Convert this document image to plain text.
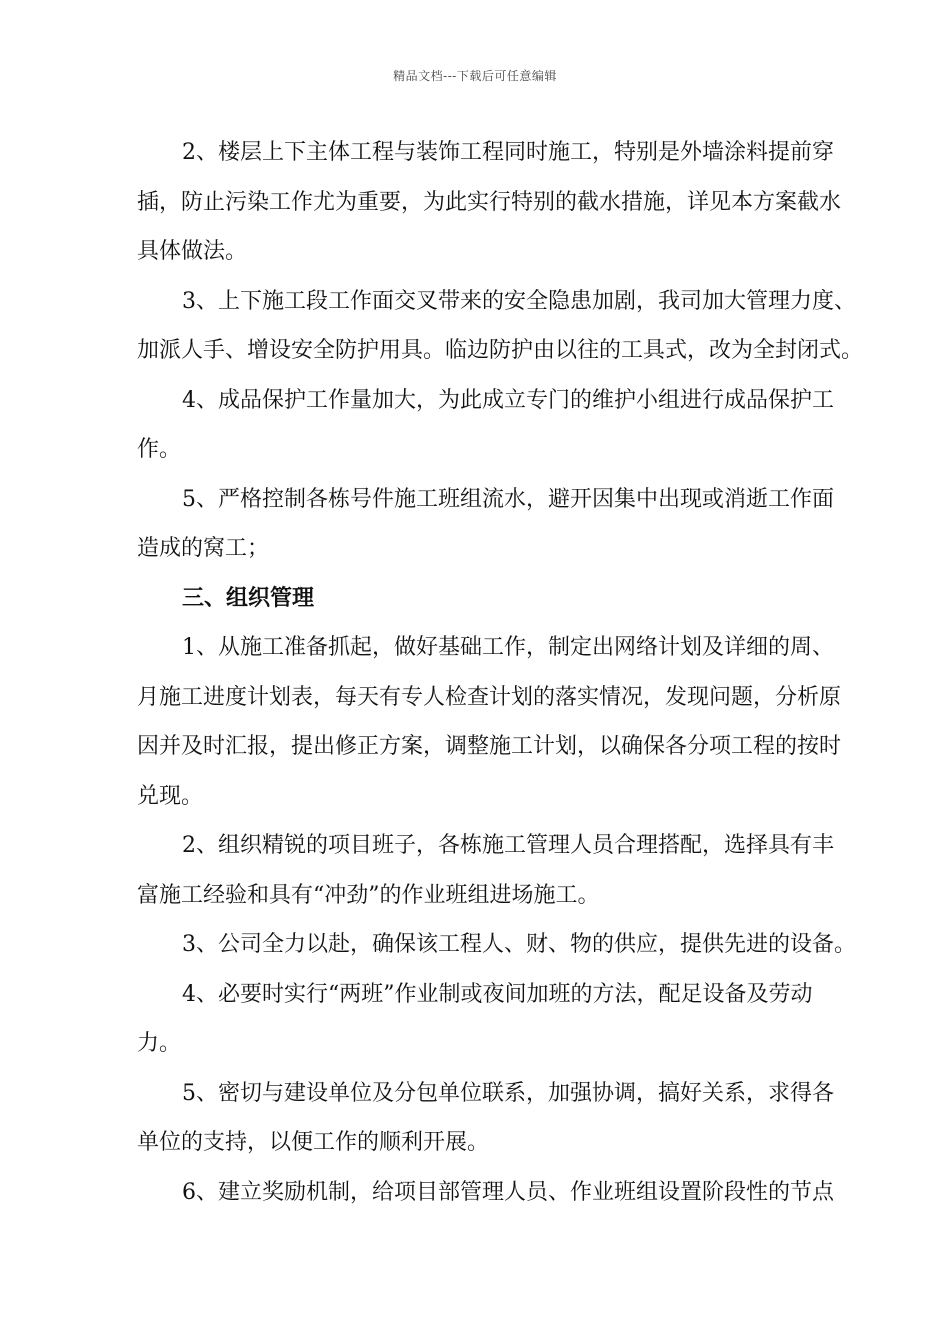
精品文档---下载后可任意编辑

2、楼层上下主体工程与装饰工程同时施工，特别是外墙涂料提前穿
插，防止污染工作尤为重要，为此实行特别的截水措施，详见本方案截水
具体做法。

3、上下施工段工作面交叉带来的安全隐患加剧，我司加大管理力度、
加派人手、增设安全防护用具。临边防护由以往的工具式，改为全封闭式。

4、成品保护工作量加大，为此成立专门的维护小组进行成品保护工
作。

5、严格控制各栋号件施工班组流水，避开因集中出现或消逝工作面
造成的窝工；

三、组织管理

1、从施工准备抓起，做好基础工作，制定出网络计划及详细的周、
月施工进度计划表，每天有专人检查计划的落实情况，发现问题，分析原
因并及时汇报，提出修正方案，调整施工计划，以确保各分项工程的按时
兑现。

2、组织精锐的项目班子，各栋施工管理人员合理搭配，选择具有丰
富施工经验和具有“冲劲”的作业班组进场施工。

3、公司全力以赴，确保该工程人、财、物的供应，提供先进的设备。

4、必要时实行“两班”作业制或夜间加班的方法，配足设备及劳动
力。

5、密切与建设单位及分包单位联系，加强协调，搞好关系，求得各
单位的支持，以便工作的顺利开展。

6、建立奖励机制，给项目部管理人员、作业班组设置阶段性的节点
